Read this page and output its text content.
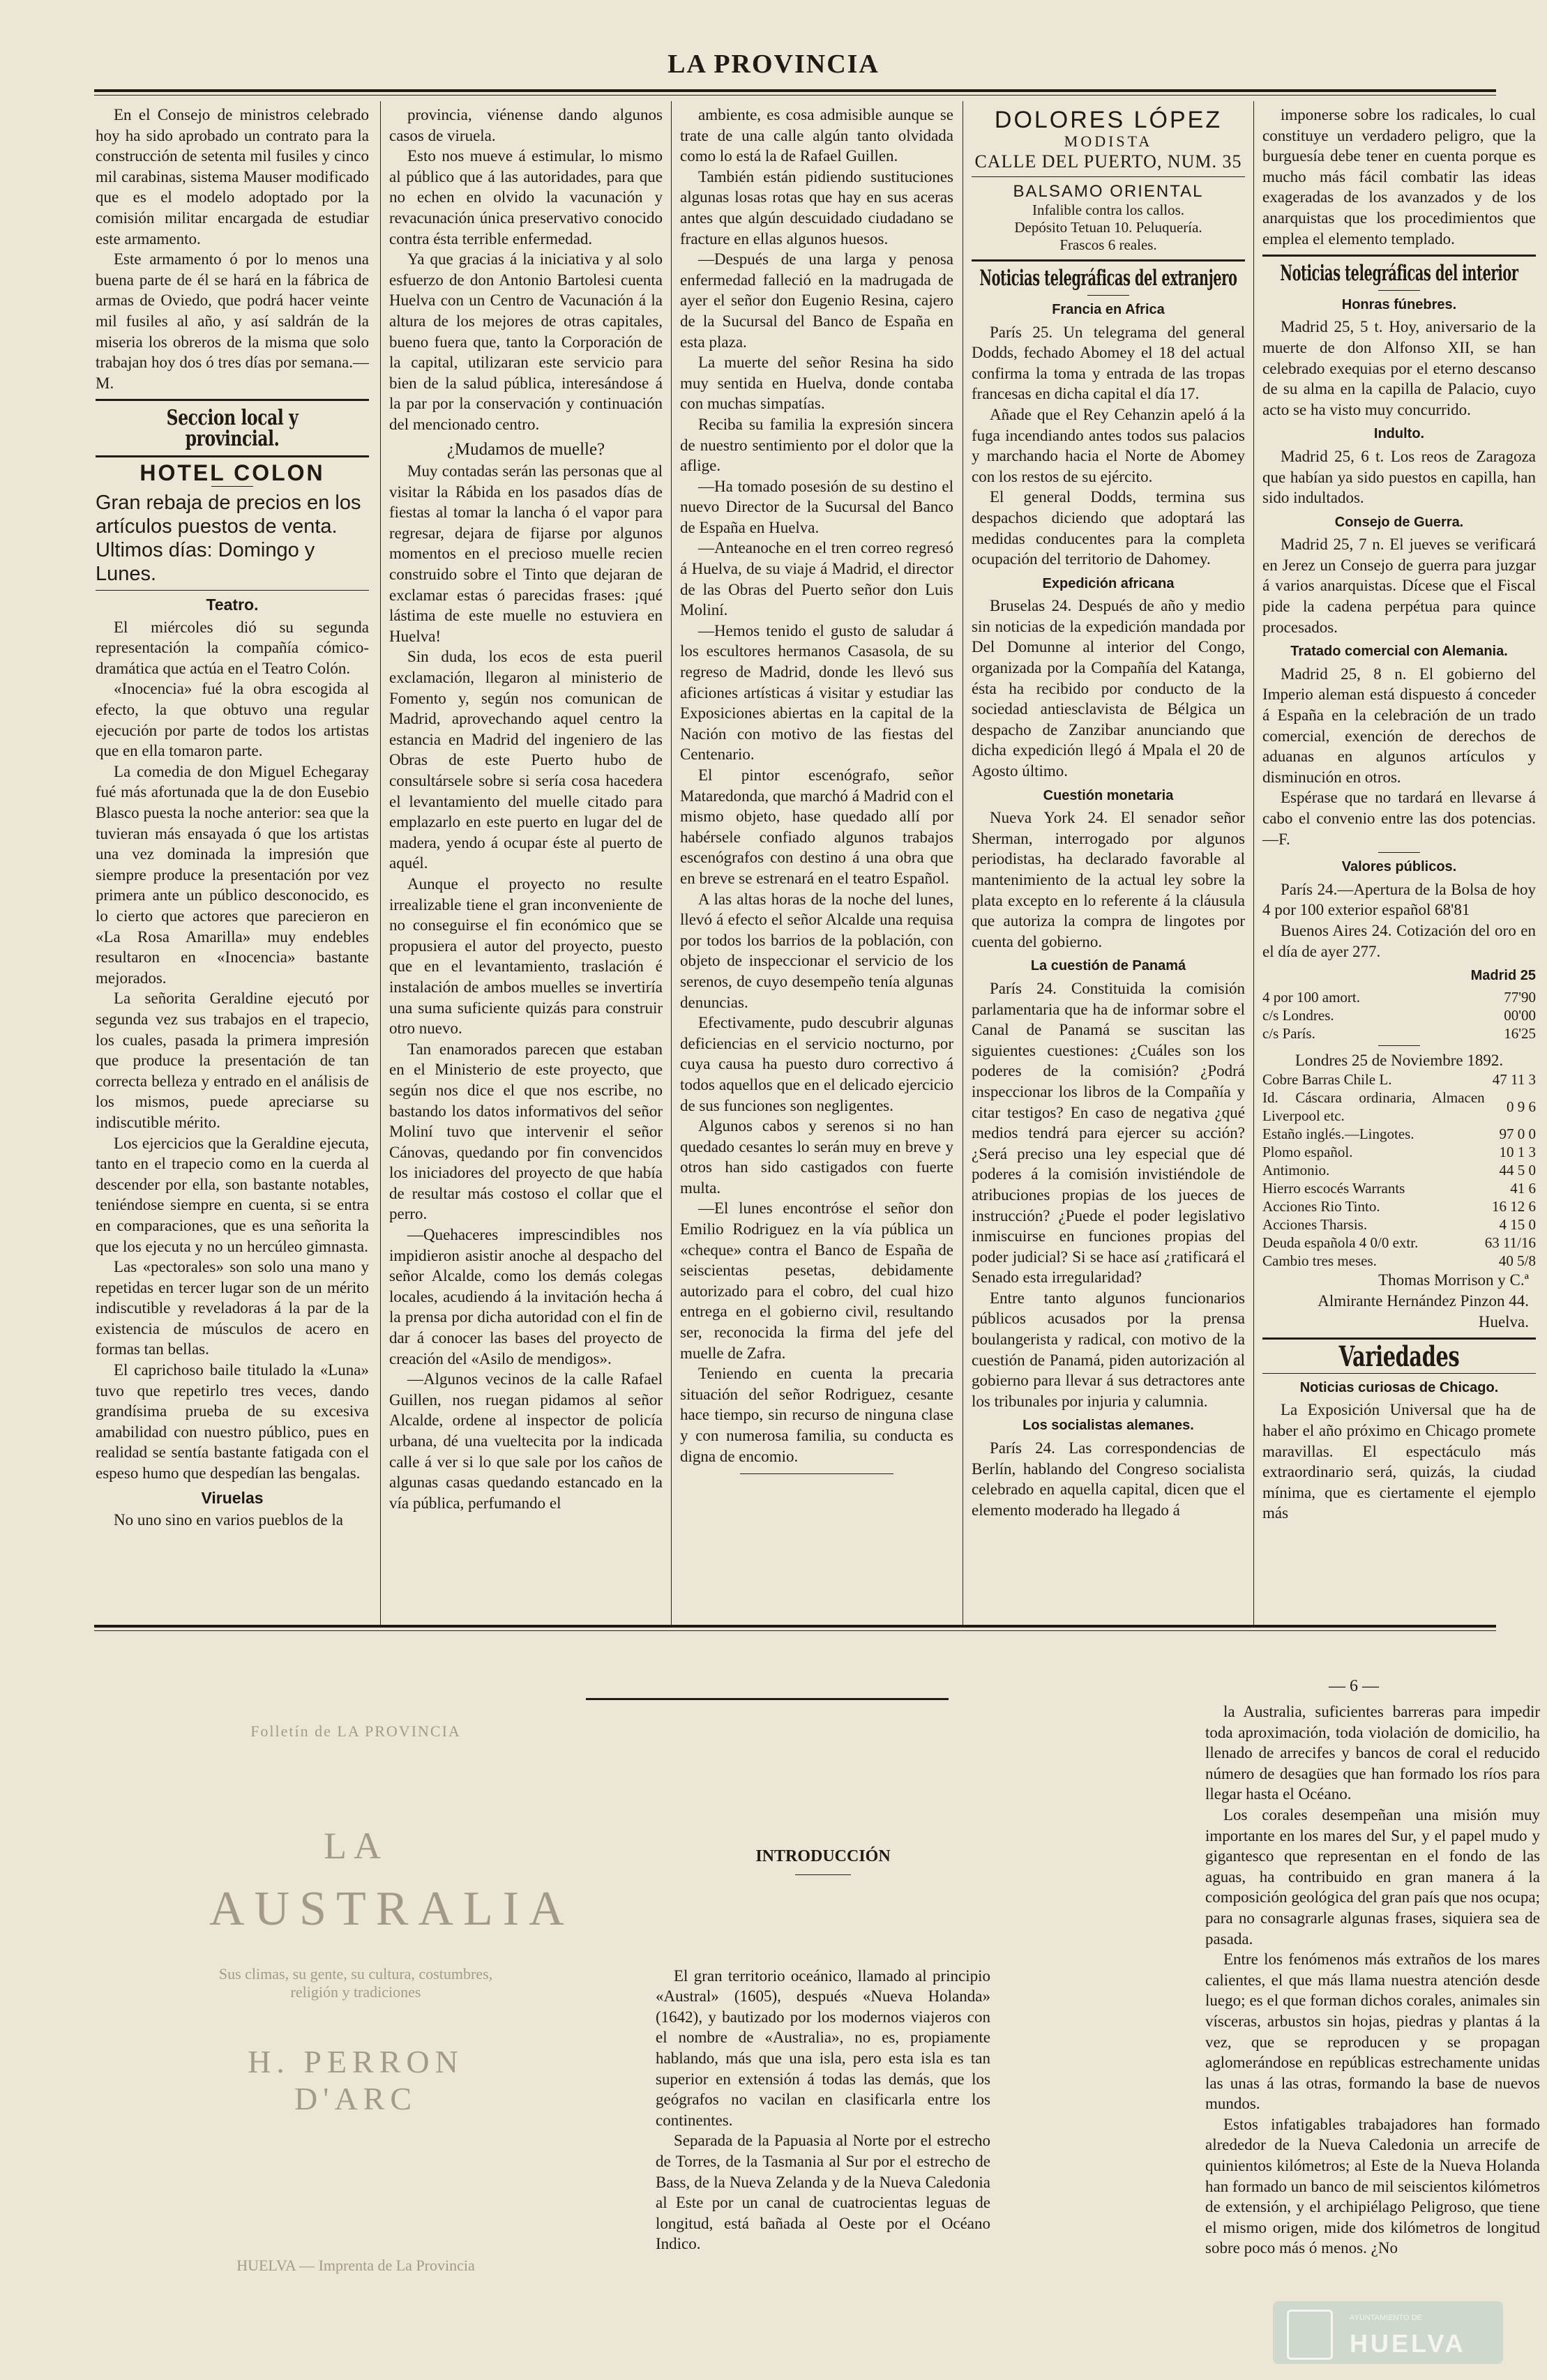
LA PROVINCIA

En el Consejo de ministros celebrado hoy ha sido aprobado un contrato para la construcción de setenta mil fusiles y cinco mil carabinas, sistema Mauser modificado que es el modelo adoptado por la comisión militar encargada de estudiar este armamento.

Este armamento ó por lo menos una buena parte de él se hará en la fábrica de armas de Oviedo, que podrá hacer veinte mil fusiles al año, y así saldrán de la miseria los obreros de la misma que solo trabajan hoy dos ó tres días por semana.—M.

Seccion local y provincial.
HOTEL COLON
Gran rebaja de precios en los artículos puestos de venta. Ultimos días: Domingo y Lunes.
Teatro.

El miércoles dió su segunda representación la compañía cómico-dramática que actúa en el Teatro Colón.

«Inocencia» fué la obra escogida al efecto, la que obtuvo una regular ejecución por parte de todos los artistas que en ella tomaron parte.

La comedia de don Miguel Echegaray fué más afortunada que la de don Eusebio Blasco puesta la noche anterior: sea que la tuvieran más ensayada ó que los artistas una vez dominada la impresión que siempre produce la presentación por vez primera ante un público desconocido, es lo cierto que actores que parecieron en «La Rosa Amarilla» muy endebles resultaron en «Inocencia» bastante mejorados.

La señorita Geraldine ejecutó por segunda vez sus trabajos en el trapecio, los cuales, pasada la primera impresión que produce la presentación de tan correcta belleza y entrado en el análisis de los mismos, puede apreciarse su indiscutible mérito.

Los ejercicios que la Geraldine ejecuta, tanto en el trapecio como en la cuerda al descender por ella, son bastante notables, teniéndose siempre en cuenta, si se entra en comparaciones, que es una señorita la que los ejecuta y no un hercúleo gimnasta.

Las «pectorales» son solo una mano y repetidas en tercer lugar son de un mérito indiscutible y reveladoras á la par de la existencia de músculos de acero en formas tan bellas.

El caprichoso baile titulado la «Luna» tuvo que repetirlo tres veces, dando grandísima prueba de su excesiva amabilidad con nuestro público, pues en realidad se sentía bastante fatigada con el espeso humo que despedían las bengalas.

Viruelas

No uno sino en varios pueblos de la

provincia, viénense dando algunos casos de viruela.

Esto nos mueve á estimular, lo mismo al público que á las autoridades, para que no echen en olvido la vacunación y revacunación única preservativo conocido contra ésta terrible enfermedad.

Ya que gracias á la iniciativa y al solo esfuerzo de don Antonio Bartolesi cuenta Huelva con un Centro de Vacunación á la altura de los mejores de otras capitales, bueno fuera que, tanto la Corporación de la capital, utilizaran este servicio para bien de la salud pública, interesándose á la par por la conservación y continuación del mencionado centro.

¿Mudamos de muelle?

Muy contadas serán las personas que al visitar la Rábida en los pasados días de fiestas al tomar la lancha ó el vapor para regresar, dejara de fijarse por algunos momentos en el precioso muelle recien construido sobre el Tinto que dejaran de exclamar estas ó parecidas frases: ¡qué lástima de este muelle no estuviera en Huelva!

Sin duda, los ecos de esta pueril exclamación, llegaron al ministerio de Fomento y, según nos comunican de Madrid, aprovechando aquel centro la estancia en Madrid del ingeniero de las Obras de este Puerto hubo de consultársele sobre si sería cosa hacedera el levantamiento del muelle citado para emplazarlo en este puerto en lugar del de madera, yendo á ocupar éste al puerto de aquél.

Aunque el proyecto no resulte irrealizable tiene el gran inconveniente de no conseguirse el fin económico que se propusiera el autor del proyecto, puesto que en el levantamiento, traslación é instalación de ambos muelles se invertiría una suma suficiente quizás para construir otro nuevo.

Tan enamorados parecen que estaban en el Ministerio de este proyecto, que según nos dice el que nos escribe, no bastando los datos informativos del señor Moliní tuvo que intervenir el señor Cánovas, quedando por fin convencidos los iniciadores del proyecto de que había de resultar más costoso el collar que el perro.

—Quehaceres imprescindibles nos impidieron asistir anoche al despacho del señor Alcalde, como los demás colegas locales, acudiendo á la invitación hecha á la prensa por dicha autoridad con el fin de dar á conocer las bases del proyecto de creación del «Asilo de mendigos».

—Algunos vecinos de la calle Rafael Guillen, nos ruegan pidamos al señor Alcalde, ordene al inspector de policía urbana, dé una vueltecita por la indicada calle á ver si lo que sale por los caños de algunas casas quedando estancado en la vía pública, perfumando el

ambiente, es cosa admisible aunque se trate de una calle algún tanto olvidada como lo está la de Rafael Guillen.

También están pidiendo sustituciones algunas losas rotas que hay en sus aceras antes que algún descuidado ciudadano se fracture en ellas algunos huesos.

—Después de una larga y penosa enfermedad falleció en la madrugada de ayer el señor don Eugenio Resina, cajero de la Sucursal del Banco de España en esta plaza.

La muerte del señor Resina ha sido muy sentida en Huelva, donde contaba con muchas simpatías.

Reciba su familia la expresión sincera de nuestro sentimiento por el dolor que la aflige.

—Ha tomado posesión de su destino el nuevo Director de la Sucursal del Banco de España en Huelva.

—Anteanoche en el tren correo regresó á Huelva, de su viaje á Madrid, el director de las Obras del Puerto señor don Luis Moliní.

—Hemos tenido el gusto de saludar á los escultores hermanos Casasola, de su regreso de Madrid, donde les llevó sus aficiones artísticas á visitar y estudiar las Exposiciones abiertas en la capital de la Nación con motivo de las fiestas del Centenario.

El pintor escenógrafo, señor Mataredonda, que marchó á Madrid con el mismo objeto, hase quedado allí por habérsele confiado algunos trabajos escenógrafos con destino á una obra que en breve se estrenará en el teatro Español.

A las altas horas de la noche del lunes, llevó á efecto el señor Alcalde una requisa por todos los barrios de la población, con objeto de inspeccionar el servicio de los serenos, de cuyo desempeño tenía algunas denuncias.

Efectivamente, pudo descubrir algunas deficiencias en el servicio nocturno, por cuya causa ha puesto duro correctivo á todos aquellos que en el delicado ejercicio de sus funciones son negligentes.

Algunos cabos y serenos si no han quedado cesantes lo serán muy en breve y otros han sido castigados con fuerte multa.

—El lunes encontróse el señor don Emilio Rodriguez en la vía pública un «cheque» contra el Banco de España de seiscientas pesetas, debidamente autorizado para el cobro, del cual hizo entrega en el gobierno civil, resultando ser, reconocida la firma del jefe del muelle de Zafra.

Teniendo en cuenta la precaria situación del señor Rodriguez, cesante hace tiempo, sin recurso de ninguna clase y con numerosa familia, su conducta es digna de encomio.

DOLORES LÓPEZ
MODISTA
CALLE DEL PUERTO, NUM. 35
BALSAMO ORIENTAL
Infalible contra los callos.
Depósito Tetuan 10. Peluquería.
Frascos 6 reales.
Noticias telegráficas del extranjero
Francia en Africa

París 25. Un telegrama del general Dodds, fechado Abomey el 18 del actual confirma la toma y entrada de las tropas francesas en dicha capital el día 17.

Añade que el Rey Cehanzin apeló á la fuga incendiando antes todos sus palacios y marchando hacia el Norte de Abomey con los restos de su ejército.

El general Dodds, termina sus despachos diciendo que adoptará las medidas conducentes para la completa ocupación del territorio de Dahomey.

Expedición africana

Bruselas 24. Después de año y medio sin noticias de la expedición mandada por Del Domunne al interior del Congo, organizada por la Compañía del Katanga, ésta ha recibido por conducto de la sociedad antiesclavista de Bélgica un despacho de Zanzibar anunciando que dicha expedición llegó á Mpala el 20 de Agosto último.

Cuestión monetaria

Nueva York 24. El senador señor Sherman, interrogado por algunos periodistas, ha declarado favorable al mantenimiento de la actual ley sobre la plata excepto en lo referente á la cláusula que autoriza la compra de lingotes por cuenta del gobierno.

La cuestión de Panamá

París 24. Constituida la comisión parlamentaria que ha de informar sobre el Canal de Panamá se suscitan las siguientes cuestiones: ¿Cuáles son los poderes de la comisión? ¿Podrá inspeccionar los libros de la Compañía y citar testigos? En caso de negativa ¿qué medios tendrá para ejercer su acción? ¿Será preciso una ley especial que dé poderes á la comisión invistiéndole de atribuciones propias de los jueces de instrucción? ¿Puede el poder legislativo inmiscuirse en funciones propias del poder judicial? Si se hace así ¿ratificará el Senado esta irregularidad?

Entre tanto algunos funcionarios públicos acusados por la prensa boulangerista y radical, con motivo de la cuestión de Panamá, piden autorización al gobierno para llevar á sus detractores ante los tribunales por injuria y calumnia.

Los socialistas alemanes.

París 24. Las correspondencias de Berlín, hablando del Congreso socialista celebrado en aquella capital, dicen que el elemento moderado ha llegado á

imponerse sobre los radicales, lo cual constituye un verdadero peligro, que la burguesía debe tener en cuenta porque es mucho más fácil combatir las ideas exageradas de los avanzados y de los anarquistas que los procedimientos que emplea el elemento templado.

Noticias telegráficas del interior
Honras fúnebres.

Madrid 25, 5 t. Hoy, aniversario de la muerte de don Alfonso XII, se han celebrado exequias por el eterno descanso de su alma en la capilla de Palacio, cuyo acto se ha visto muy concurrido.

Indulto.

Madrid 25, 6 t. Los reos de Zaragoza que habían ya sido puestos en capilla, han sido indultados.

Consejo de Guerra.

Madrid 25, 7 n. El jueves se verificará en Jerez un Consejo de guerra para juzgar á varios anarquistas. Dícese que el Fiscal pide la cadena perpétua para quince procesados.

Tratado comercial con Alemania.

Madrid 25, 8 n. El gobierno del Imperio aleman está dispuesto á conceder á España en la celebración de un trado comercial, exención de derechos de aduanas en algunos artículos y disminución en otros.

Espérase que no tardará en llevarse á cabo el convenio entre las dos potencias.—F.

Valores públicos.

París 24.—Apertura de la Bolsa de hoy 4 por 100 exterior español 68'81

Buenos Aires 24. Cotización del oro en el día de ayer 277.

Madrid 25
4 por 100 amort.	77'90
c/s Londres.	00'00
c/s París.	16'25

Londres 25 de Noviembre 1892.

Cobre Barras Chile L.	47 11 3
Id. Cáscara ordinaria, Almacen Liverpool etc.	0 9 6
Estaño inglés.—Lingotes.	97 0 0
Plomo español.	10 1 3
Antimonio.	44 5 0
Hierro escocés Warrants	41 6
Acciones Rio Tinto.	16 12 6
Acciones Tharsis.	4 15 0
Deuda española 4 0/0 extr.	63 11/16
Cambio tres meses.	40 5/8
Thomas Morrison y C.ª
Almirante Hernández Pinzon 44.
Huelva.
Variedades
Noticias curiosas de Chicago.

La Exposición Universal que ha de haber el año próximo en Chicago promete maravillas. El espectáculo más extraordinario será, quizás, la ciudad mínima, que es ciertamente el ejemplo más

Folletín de LA PROVINCIA
LA
AUSTRALIA
Sus climas, su gente, su cultura, costumbres, religión y tradiciones
H. PERRON D'ARC
HUELVA — Imprenta de La Provincia
— 6 —
INTRODUCCIÓN

El gran territorio oceánico, llamado al principio «Austral» (1605), después «Nueva Holanda» (1642), y bautizado por los modernos viajeros con el nombre de «Australia», no es, propiamente hablando, más que una isla, pero esta isla es tan superior en extensión á todas las demás, que los geógrafos no vacilan en clasificarla entre los continentes.

Separada de la Papuasia al Norte por el estrecho de Torres, de la Tasmania al Sur por el estrecho de Bass, de la Nueva Zelanda y de la Nueva Caledonia al Este por un canal de cuatrocientas leguas de longitud, está bañada al Oeste por el Océano Indico.

la Australia, suficientes barreras para impedir toda aproximación, toda violación de domicilio, ha llenado de arrecifes y bancos de coral el reducido número de desagües que han formado los ríos para llegar hasta el Océano.

Los corales desempeñan una misión muy importante en los mares del Sur, y el papel mudo y gigantesco que representan en el fondo de las aguas, ha contribuido en gran manera á la composición geológica del gran país que nos ocupa; para no consagrarle algunas frases, siquiera sea de pasada.

Entre los fenómenos más extraños de los mares calientes, el que más llama nuestra atención desde luego; es el que forman dichos corales, animales sin vísceras, arbustos sin hojas, piedras y plantas á la vez, que se reproducen y se propagan aglomerándose en repúblicas estrechamente unidas las unas á las otras, formando la base de nuevos mundos.

Estos infatigables trabajadores han formado alrededor de la Nueva Caledonia un arrecife de quinientos kilómetros; al Este de la Nueva Holanda han formado un banco de mil seiscientos kilómetros de extensión, y el archipiélago Peligroso, que tiene el mismo origen, mide dos kilómetros de longitud sobre poco más ó menos. ¿No

AYUNTAMIENTO DE
HUELVA
